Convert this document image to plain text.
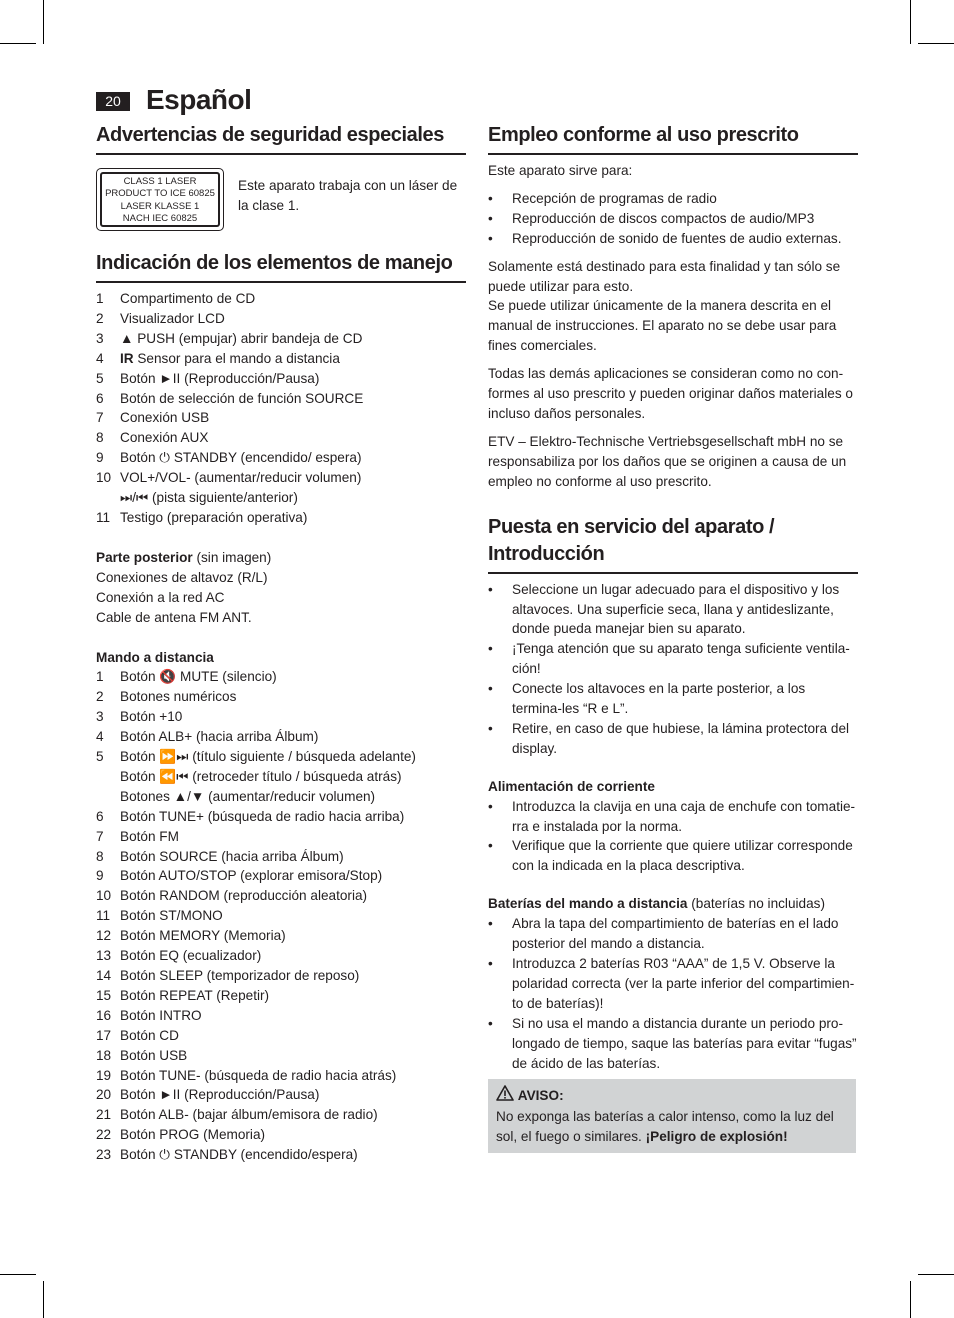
20 Español
Advertencias de seguridad especiales
CLASS 1 LASER
PRODUCT TO ICE 60825
LASER KLASSE 1
NACH IEC 60825
Este aparato trabaja con un láser de la clase 1.
Indicación de los elementos de manejo
1 Compartimento de CD
2 Visualizador LCD
3 ▲ PUSH (empujar) abrir bandeja de CD
4 IR Sensor para el mando a distancia
5 Botón ►II (Reproducción/Pausa)
6 Botón de selección de función SOURCE
7 Conexión USB
8 Conexión AUX
9 Botón ⏻ STANDBY (encendido/ espera)
10 VOL+/VOL- (aumentar/reducir volumen)
⏭/⏮ (pista siguiente/anterior)
11 Testigo (preparación operativa)
Parte posterior (sin imagen)
Conexiones de altavoz (R/L)
Conexión a la red AC
Cable de antena FM ANT.
Mando a distancia
1 Botón 🔇 MUTE (silencio)
2 Botones numéricos
3 Botón +10
4 Botón ALB+ (hacia arriba Álbum)
5 Botón ⏩⏭ (título siguiente / búsqueda adelante)
Botón ⏪⏮ (retroceder título / búsqueda atrás)
Botones ▲/▼ (aumentar/reducir volumen)
6 Botón TUNE+ (búsqueda de radio hacia arriba)
7 Botón FM
8 Botón SOURCE (hacia arriba Álbum)
9 Botón AUTO/STOP (explorar emisora/Stop)
10 Botón RANDOM (reproducción aleatoria)
11 Botón ST/MONO
12 Botón MEMORY (Memoria)
13 Botón EQ (ecualizador)
14 Botón SLEEP (temporizador de reposo)
15 Botón REPEAT (Repetir)
16 Botón INTRO
17 Botón CD
18 Botón USB
19 Botón TUNE- (búsqueda de radio hacia atrás)
20 Botón ►II (Reproducción/Pausa)
21 Botón ALB- (bajar álbum/emisora de radio)
22 Botón PROG (Memoria)
23 Botón ⏻ STANDBY (encendido/espera)
Empleo conforme al uso prescrito
Este aparato sirve para:
• Recepción de programas de radio
• Reproducción de discos compactos de audio/MP3
• Reproducción de sonido de fuentes de audio externas.
Solamente está destinado para esta finalidad y tan sólo se puede utilizar para esto.
Se puede utilizar únicamente de la manera descrita en el manual de instrucciones. El aparato no se debe usar para fines comerciales.
Todas las demás aplicaciones se consideran como no con-formes al uso prescrito y pueden originar daños materiales o incluso daños personales.
ETV – Elektro-Technische Vertriebsgesellschaft mbH no se responsabiliza por los daños que se originen a causa de un empleo no conforme al uso prescrito.
Puesta en servicio del aparato / Introducción
• Seleccione un lugar adecuado para el dispositivo y los altavoces. Una superficie seca, llana y antideslizante, donde pueda manejar bien su aparato.
• ¡Tenga atención que su aparato tenga suficiente ventila-ción!
• Conecte los altavoces en la parte posterior, a los termina-les “R e L”.
• Retire, en caso de que hubiese, la lámina protectora del display.
Alimentación de corriente
• Introduzca la clavija en una caja de enchufe con tomatie-rra e instalada por la norma.
• Verifique que la corriente que quiere utilizar corresponde con la indicada en la placa descriptiva.
Baterías del mando a distancia (baterías no incluidas)
• Abra la tapa del compartimiento de baterías en el lado posterior del mando a distancia.
• Introduzca 2 baterías R03 “AAA” de 1,5 V. Observe la polaridad correcta (ver la parte inferior del compartimien-to de baterías)!
• Si no usa el mando a distancia durante un periodo pro-longado de tiempo, saque las baterías para evitar “fugas” de ácido de las baterías.
AVISO:
No exponga las baterías a calor intenso, como la luz del sol, el fuego o similares. ¡Peligro de explosión!
